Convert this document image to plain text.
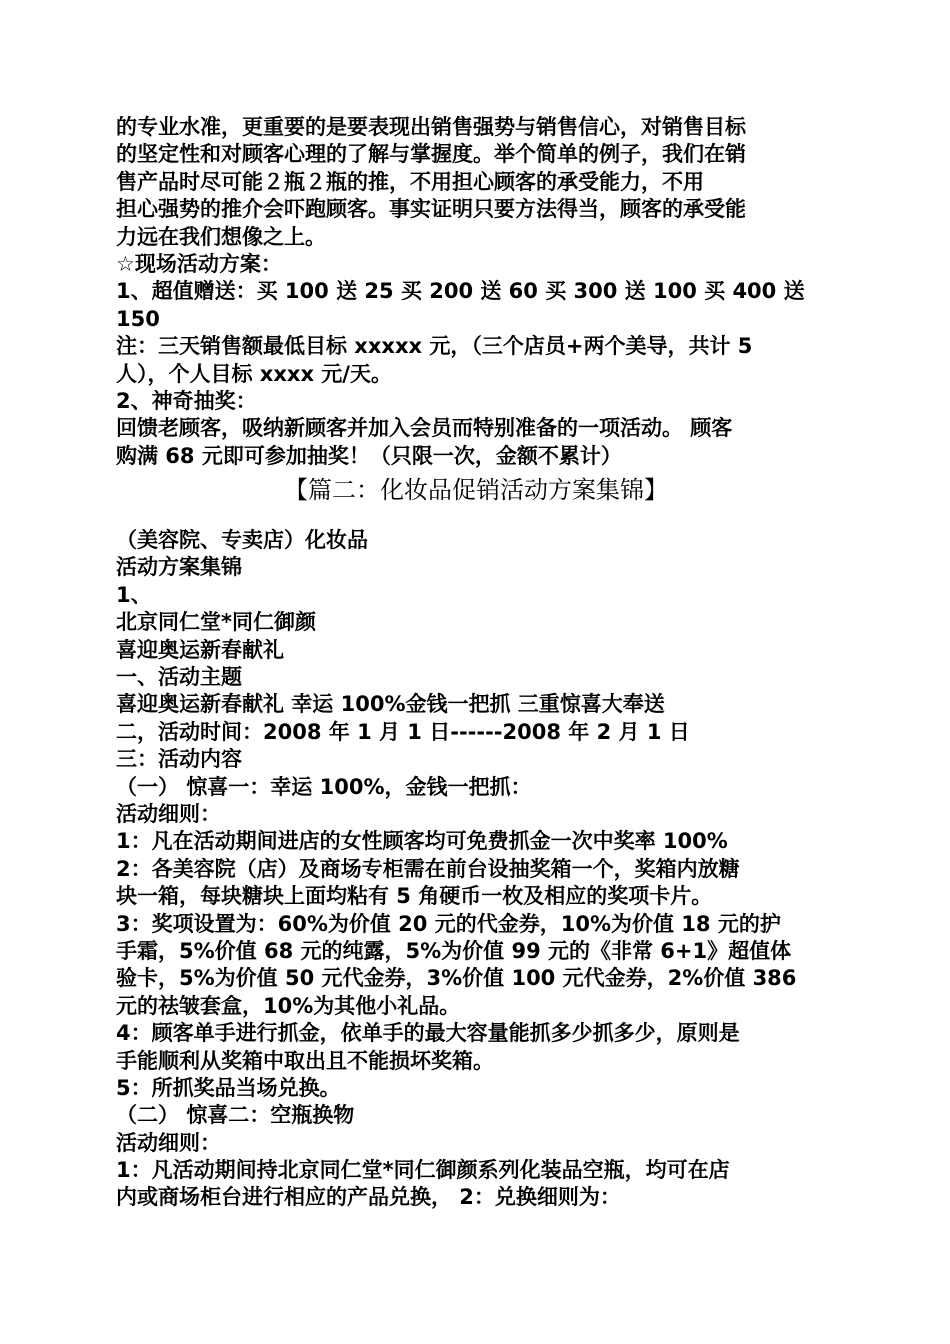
的专业水准，更重要的是要表现出销售强势与销售信心，对销售目标
的坚定性和对顾客心理的了解与掌握度。举个简单的例子，我们在销
售产品时尽可能２瓶２瓶的推，不用担心顾客的承受能力，不用
担心强势的推介会吓跑顾客。事实证明只要方法得当，顾客的承受能
力远在我们想像之上。
☆现场活动方案：
1、超值赠送：买 100 送 25 买 200 送 60 买 300 送 100 买 400 送
150
注：三天销售额最低目标 xxxxx 元，（三个店员+两个美导，共计 5
人），个人目标 xxxx 元/天。
2、神奇抽奖：
回馈老顾客，吸纳新顾客并加入会员而特别准备的一项活动。 顾客
购满 68 元即可参加抽奖！（只限一次，金额不累计）
【篇二：化妆品促销活动方案集锦】
（美容院、专卖店）化妆品
活动方案集锦
1、
北京同仁堂*同仁御颜
喜迎奥运新春献礼
一、活动主题
喜迎奥运新春献礼 幸运 100%金钱一把抓 三重惊喜大奉送
二，活动时间：2008 年 1 月 1 日------2008 年 2 月 1 日
三：活动内容
（一） 惊喜一：幸运 100%，金钱一把抓：
活动细则：
1：凡在活动期间进店的女性顾客均可免费抓金一次中奖率 100%
2：各美容院（店）及商场专柜需在前台设抽奖箱一个，奖箱内放糖
块一箱，每块糖块上面均粘有 5 角硬币一枚及相应的奖项卡片。
3：奖项设置为：60%为价值 20 元的代金券，10%为价值 18 元的护
手霜，5%价值 68 元的纯露，5%为价值 99 元的《非常 6+1》超值体
验卡，5%为价值 50 元代金券，3%价值 100 元代金券，2%价值 386
元的祛皱套盒，10%为其他小礼品。
4：顾客单手进行抓金，依单手的最大容量能抓多少抓多少，原则是
手能顺利从奖箱中取出且不能损坏奖箱。
5：所抓奖品当场兑换。
（二） 惊喜二：空瓶换物
活动细则：
1：凡活动期间持北京同仁堂*同仁御颜系列化装品空瓶，均可在店
内或商场柜台进行相应的产品兑换， 2：兑换细则为：
